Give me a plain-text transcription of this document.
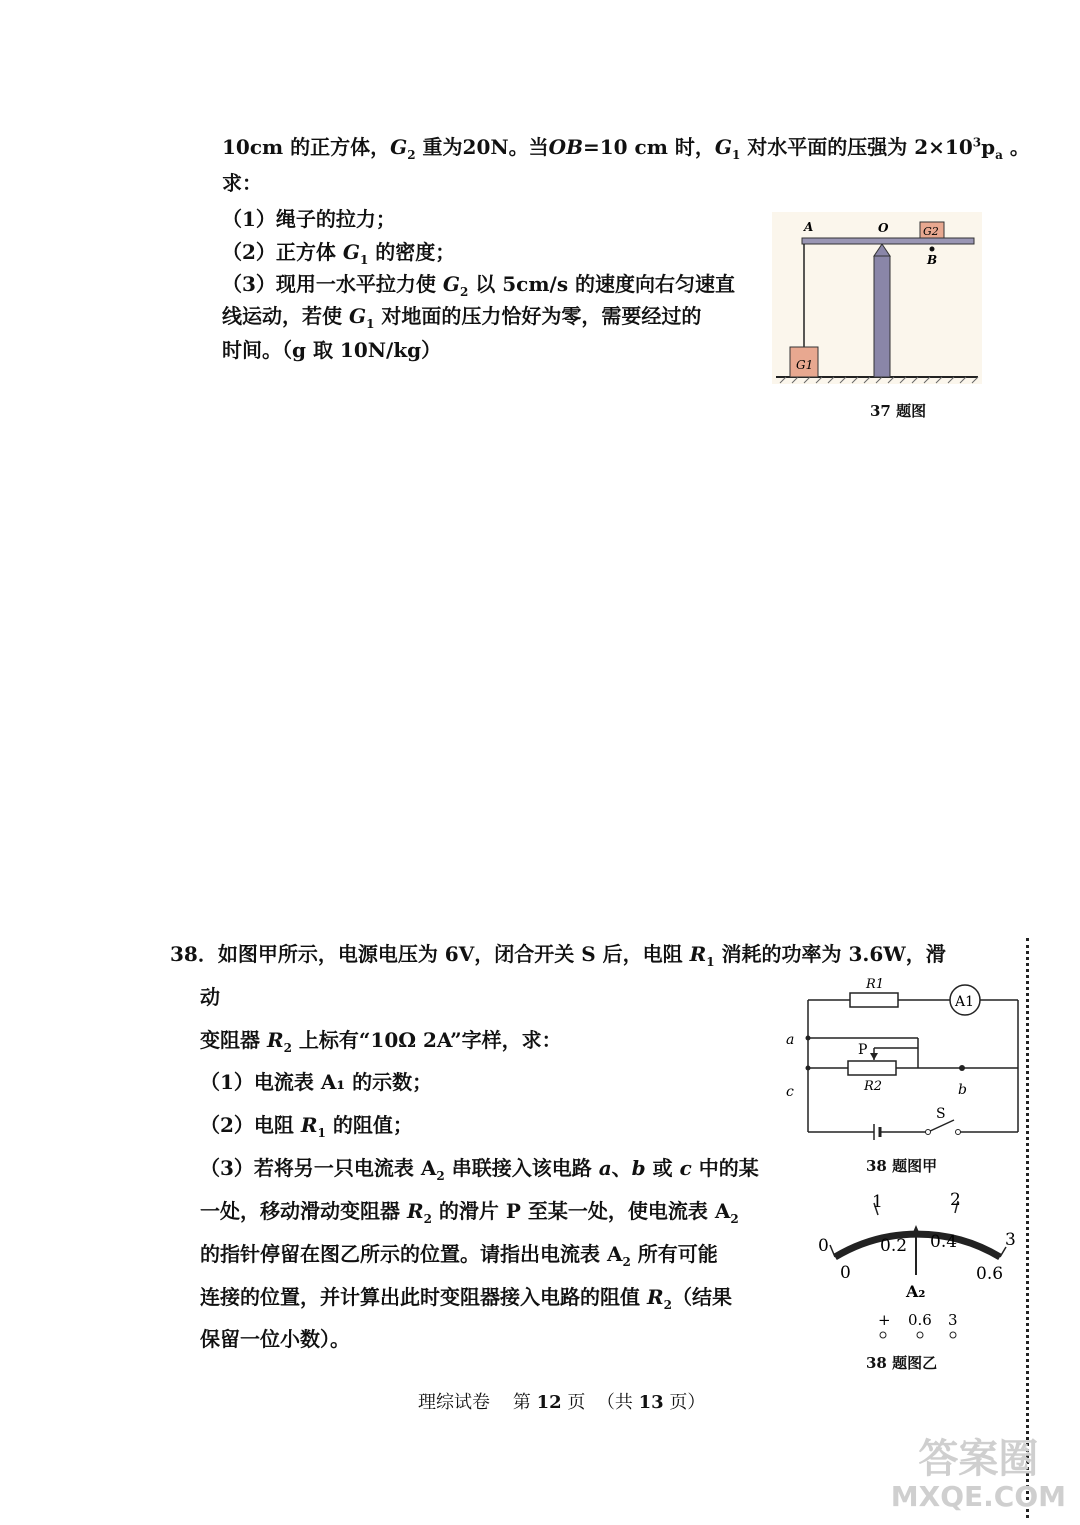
10cm 的正方体，$G_2$ 重为20N。当OB=10 cm 时，$G_1$ 对水平面的压强为 $2\times 10^3p_a$ 。
求：
（1）绳子的拉力；
（2）正方体 $G_1$ 的密度；
（3）现用一水平拉力使 $G_2$ 以 5cm/s 的速度向右匀速直
线运动，若使 $G_1$ 对地面的压力恰好为零，需要经过的
时间。（g 取 10N/kg）
G1
G2
A	O
B
37 题图
38．如图甲所示，电源电压为 6V，闭合开关 S 后，电阻 $R_1$ 消耗的功率为 3.6W，滑
动
变阻器 $R_2$ 上标有“10Ω 2A”字样，求：
（1）电流表 A₁ 的示数；
（2）电阻 $R_1$ 的阻值；
（3）若将另一只电流表 $A_2$ 串联接入该电路 a、b 或 c 中的某
一处，移动滑动变阻器 $R_2$ 的滑片 P 至某一处，使电流表 $A_2$
的指针停留在图乙所示的位置。请指出电流表 $A_2$ 所有可能
连接的位置，并计算出此时变阻器接入电路的阻值 $R_2$（结果
保留一位小数）。
R1
A1
P
R2
a
c	b
S
38 题图甲
0
1	2
3
0.2 0.4
0	0.6
A₂
+ 0.6 3
38 题图乙
理综试卷 第 12 页 （共 13 页）
答案圈
MXQE.COM
